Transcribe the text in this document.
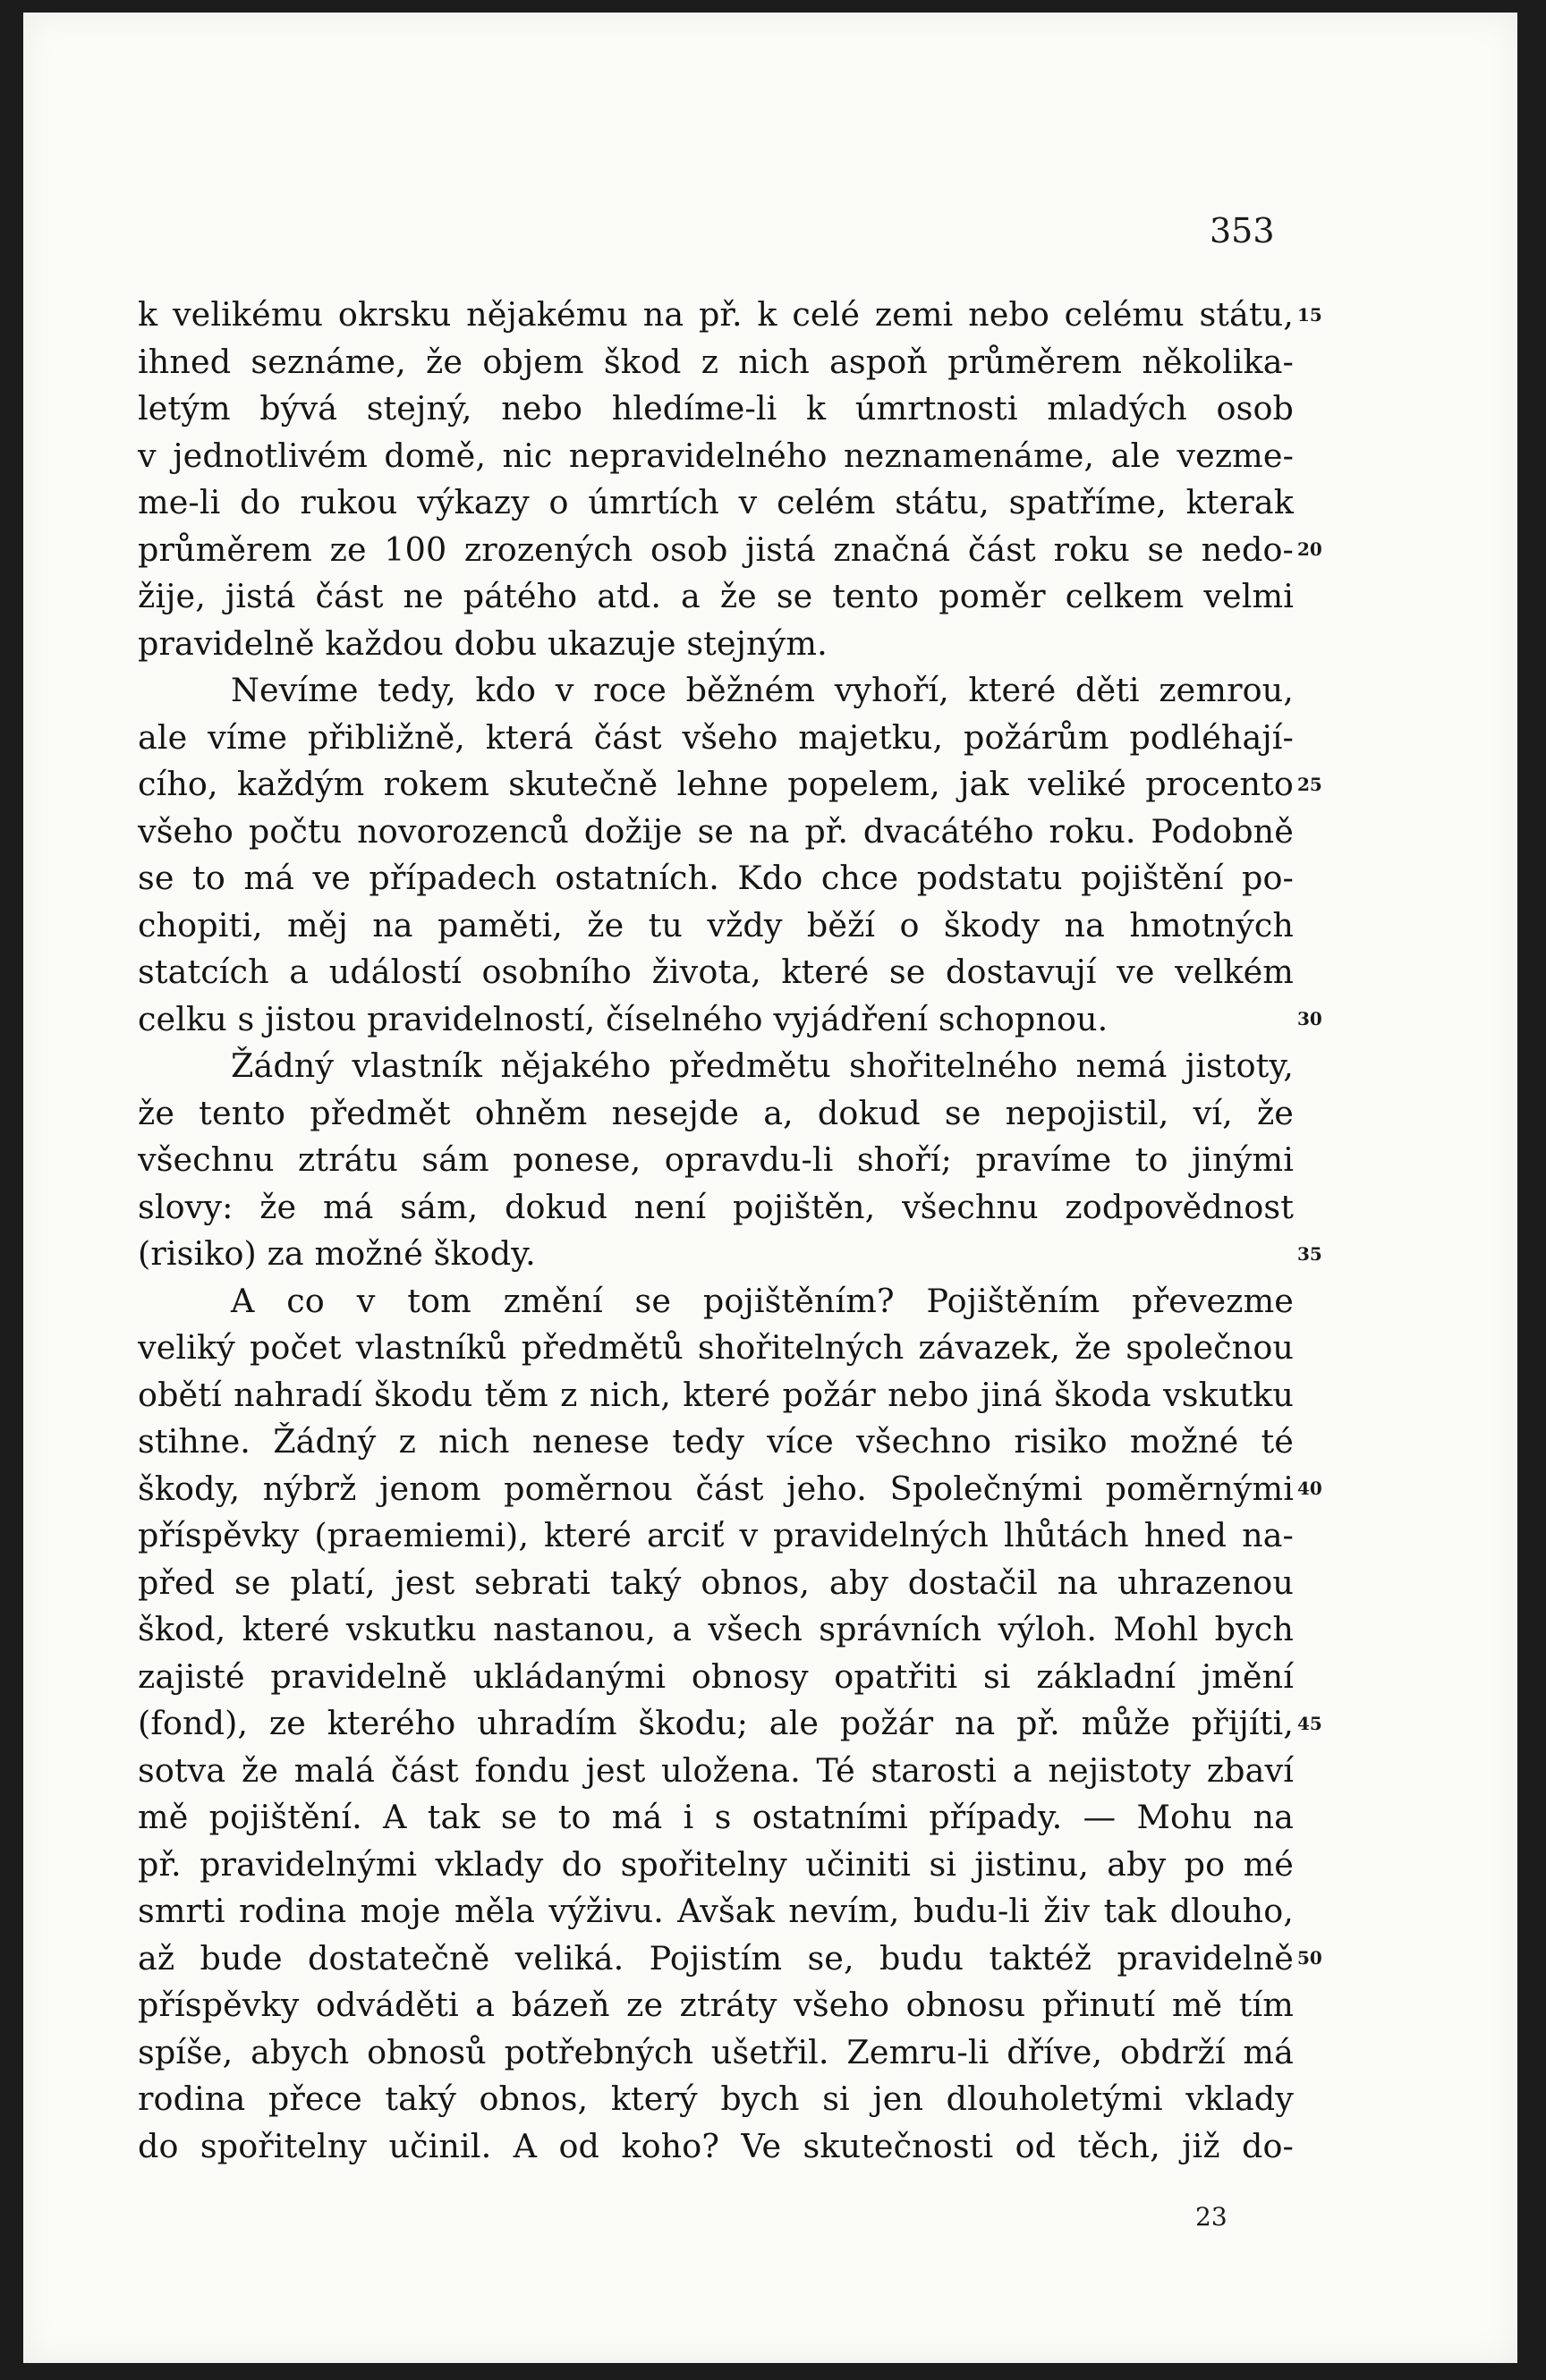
353

k velikému okrsku nějakému na př. k celé zemi nebo celému státu,
ihned seznáme, že objem škod z nich aspoň průměrem několika-
letým bývá stejný, nebo hledíme-li k úmrtnosti mladých osob
v jednotlivém domě, nic nepravidelného neznamenáme, ale vezme-
me-li do rukou výkazy o úmrtích v celém státu, spatříme, kterak
průměrem ze 100 zrozených osob jistá značná část roku se nedo-
žije, jistá část ne pátého atd. a že se tento poměr celkem velmi
pravidelně každou dobu ukazuje stejným.
Nevíme tedy, kdo v roce běžném vyhoří, které děti zemrou,
ale víme přibližně, která část všeho majetku, požárům podléhají-
cího, každým rokem skutečně lehne popelem, jak veliké procento
všeho počtu novorozenců dožije se na př. dvacátého roku. Podobně
se to má ve případech ostatních. Kdo chce podstatu pojištění po-
chopiti, měj na paměti, že tu vždy běží o škody na hmotných
statcích a událostí osobního života, které se dostavují ve velkém
celku s jistou pravidelností, číselného vyjádření schopnou.
Žádný vlastník nějakého předmětu shořitelného nemá jistoty,
že tento předmět ohněm nesejde a, dokud se nepojistil, ví, že
všechnu ztrátu sám ponese, opravdu-li shoří; pravíme to jinými
slovy: že má sám, dokud není pojištěn, všechnu zodpovědnost
(risiko) za možné škody.
A co v tom změní se pojištěním? Pojištěním převezme
veliký počet vlastníků předmětů shořitelných závazek, že společnou
obětí nahradí škodu těm z nich, které požár nebo jiná škoda vskutku
stihne. Žádný z nich nenese tedy více všechno risiko možné té
škody, nýbrž jenom poměrnou část jeho. Společnými poměrnými
příspěvky (praemiemi), které arciť v pravidelných lhůtách hned na-
před se platí, jest sebrati taký obnos, aby dostačil na uhrazenou
škod, které vskutku nastanou, a všech správních výloh. Mohl bych
zajisté pravidelně ukládanými obnosy opatřiti si základní jmění
(fond), ze kterého uhradím škodu; ale požár na př. může přijíti,
sotva že malá část fondu jest uložena. Té starosti a nejistoty zbaví
mě pojištění. A tak se to má i s ostatními případy. — Mohu na
př. pravidelnými vklady do spořitelny učiniti si jistinu, aby po mé
smrti rodina moje měla výživu. Avšak nevím, budu-li živ tak dlouho,
až bude dostatečně veliká. Pojistím se, budu taktéž pravidelně
příspěvky odváděti a bázeň ze ztráty všeho obnosu přinutí mě tím
spíše, abych obnosů potřebných ušetřil. Zemru-li dříve, obdrží má
rodina přece taký obnos, který bych si jen dlouholetými vklady
do spořitelny učinil. A od koho? Ve skutečnosti od těch, již do-
15
20
25
30
35
40
45
50
23
